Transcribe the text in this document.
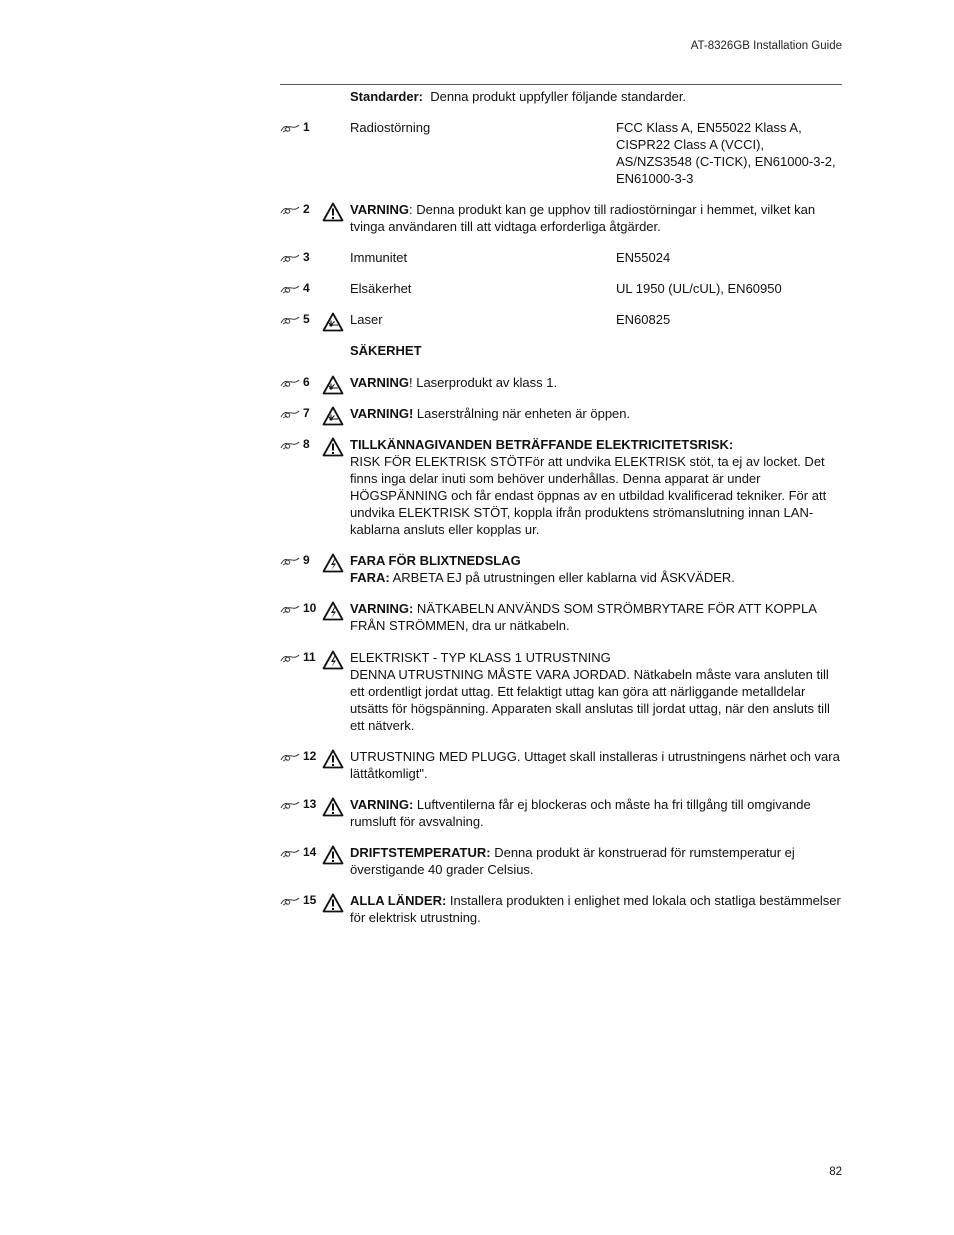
AT-8326GB Installation Guide
Standarder: Denna produkt uppfyller följande standarder.
1	Radiostörning	FCC Klass A, EN55022 Klass A, CISPR22 Class A (VCCI), AS/NZS3548 (C-TICK), EN61000-3-2, EN61000-3-3
2	VARNING: Denna produkt kan ge upphov till radiostörningar i hemmet, vilket kan tvinga användaren till att vidtaga erforderliga åtgärder.
3	Immunitet	EN55024
4	Elsäkerhet	UL 1950 (UL/cUL), EN60950
5	Laser	EN60825
SÄKERHET
6	VARNING! Laserprodukt av klass 1.
7	VARNING! Laserstrålning när enheten är öppen.
8	TILLKÄNNAGIVANDEN BETRÄFFANDE ELEKTRICITETSRISK:
RISK FÖR ELEKTRISK STÖTFör att undvika ELEKTRISK stöt, ta ej av locket. Det finns inga delar inuti som behöver underhållas. Denna apparat är under HÖGSPÄNNING och får endast öppnas av en utbildad kvalificerad tekniker. För att undvika ELEKTRISK STÖT, koppla ifrån produktens strömanslutning innan LAN-kablarna ansluts eller kopplas ur.
9	FARA FÖR BLIXTNEDSLAG
FARA: ARBETA EJ på utrustningen eller kablarna vid ÅSKVÄDER.
10	VARNING: NÄTKABELN ANVÄNDS SOM STRÖMBRYTARE FÖR ATT KOPPLA FRÅN STRÖMMEN, dra ur nätkabeln.
11	ELEKTRISKT - TYP KLASS 1 UTRUSTNING
DENNA UTRUSTNING MÅSTE VARA JORDAD. Nätkabeln måste vara ansluten till ett ordentligt jordat uttag. Ett felaktigt uttag kan göra att närliggande metalldelar utsätts för högspänning. Apparaten skall anslutas till jordat uttag, när den ansluts till ett nätverk.
12	UTRUSTNING MED PLUGG. Uttaget skall installeras i utrustningens närhet och vara lättåtkomligt".
13	VARNING: Luftventilerna får ej blockeras och måste ha fri tillgång till omgivande rumsluft för avsvalning.
14	DRIFTSTEMPERATUR: Denna produkt är konstruerad för rumstemperatur ej överstigande 40 grader Celsius.
15	ALLA LÄNDER: Installera produkten i enlighet med lokala och statliga bestämmelser för elektrisk utrustning.
82
